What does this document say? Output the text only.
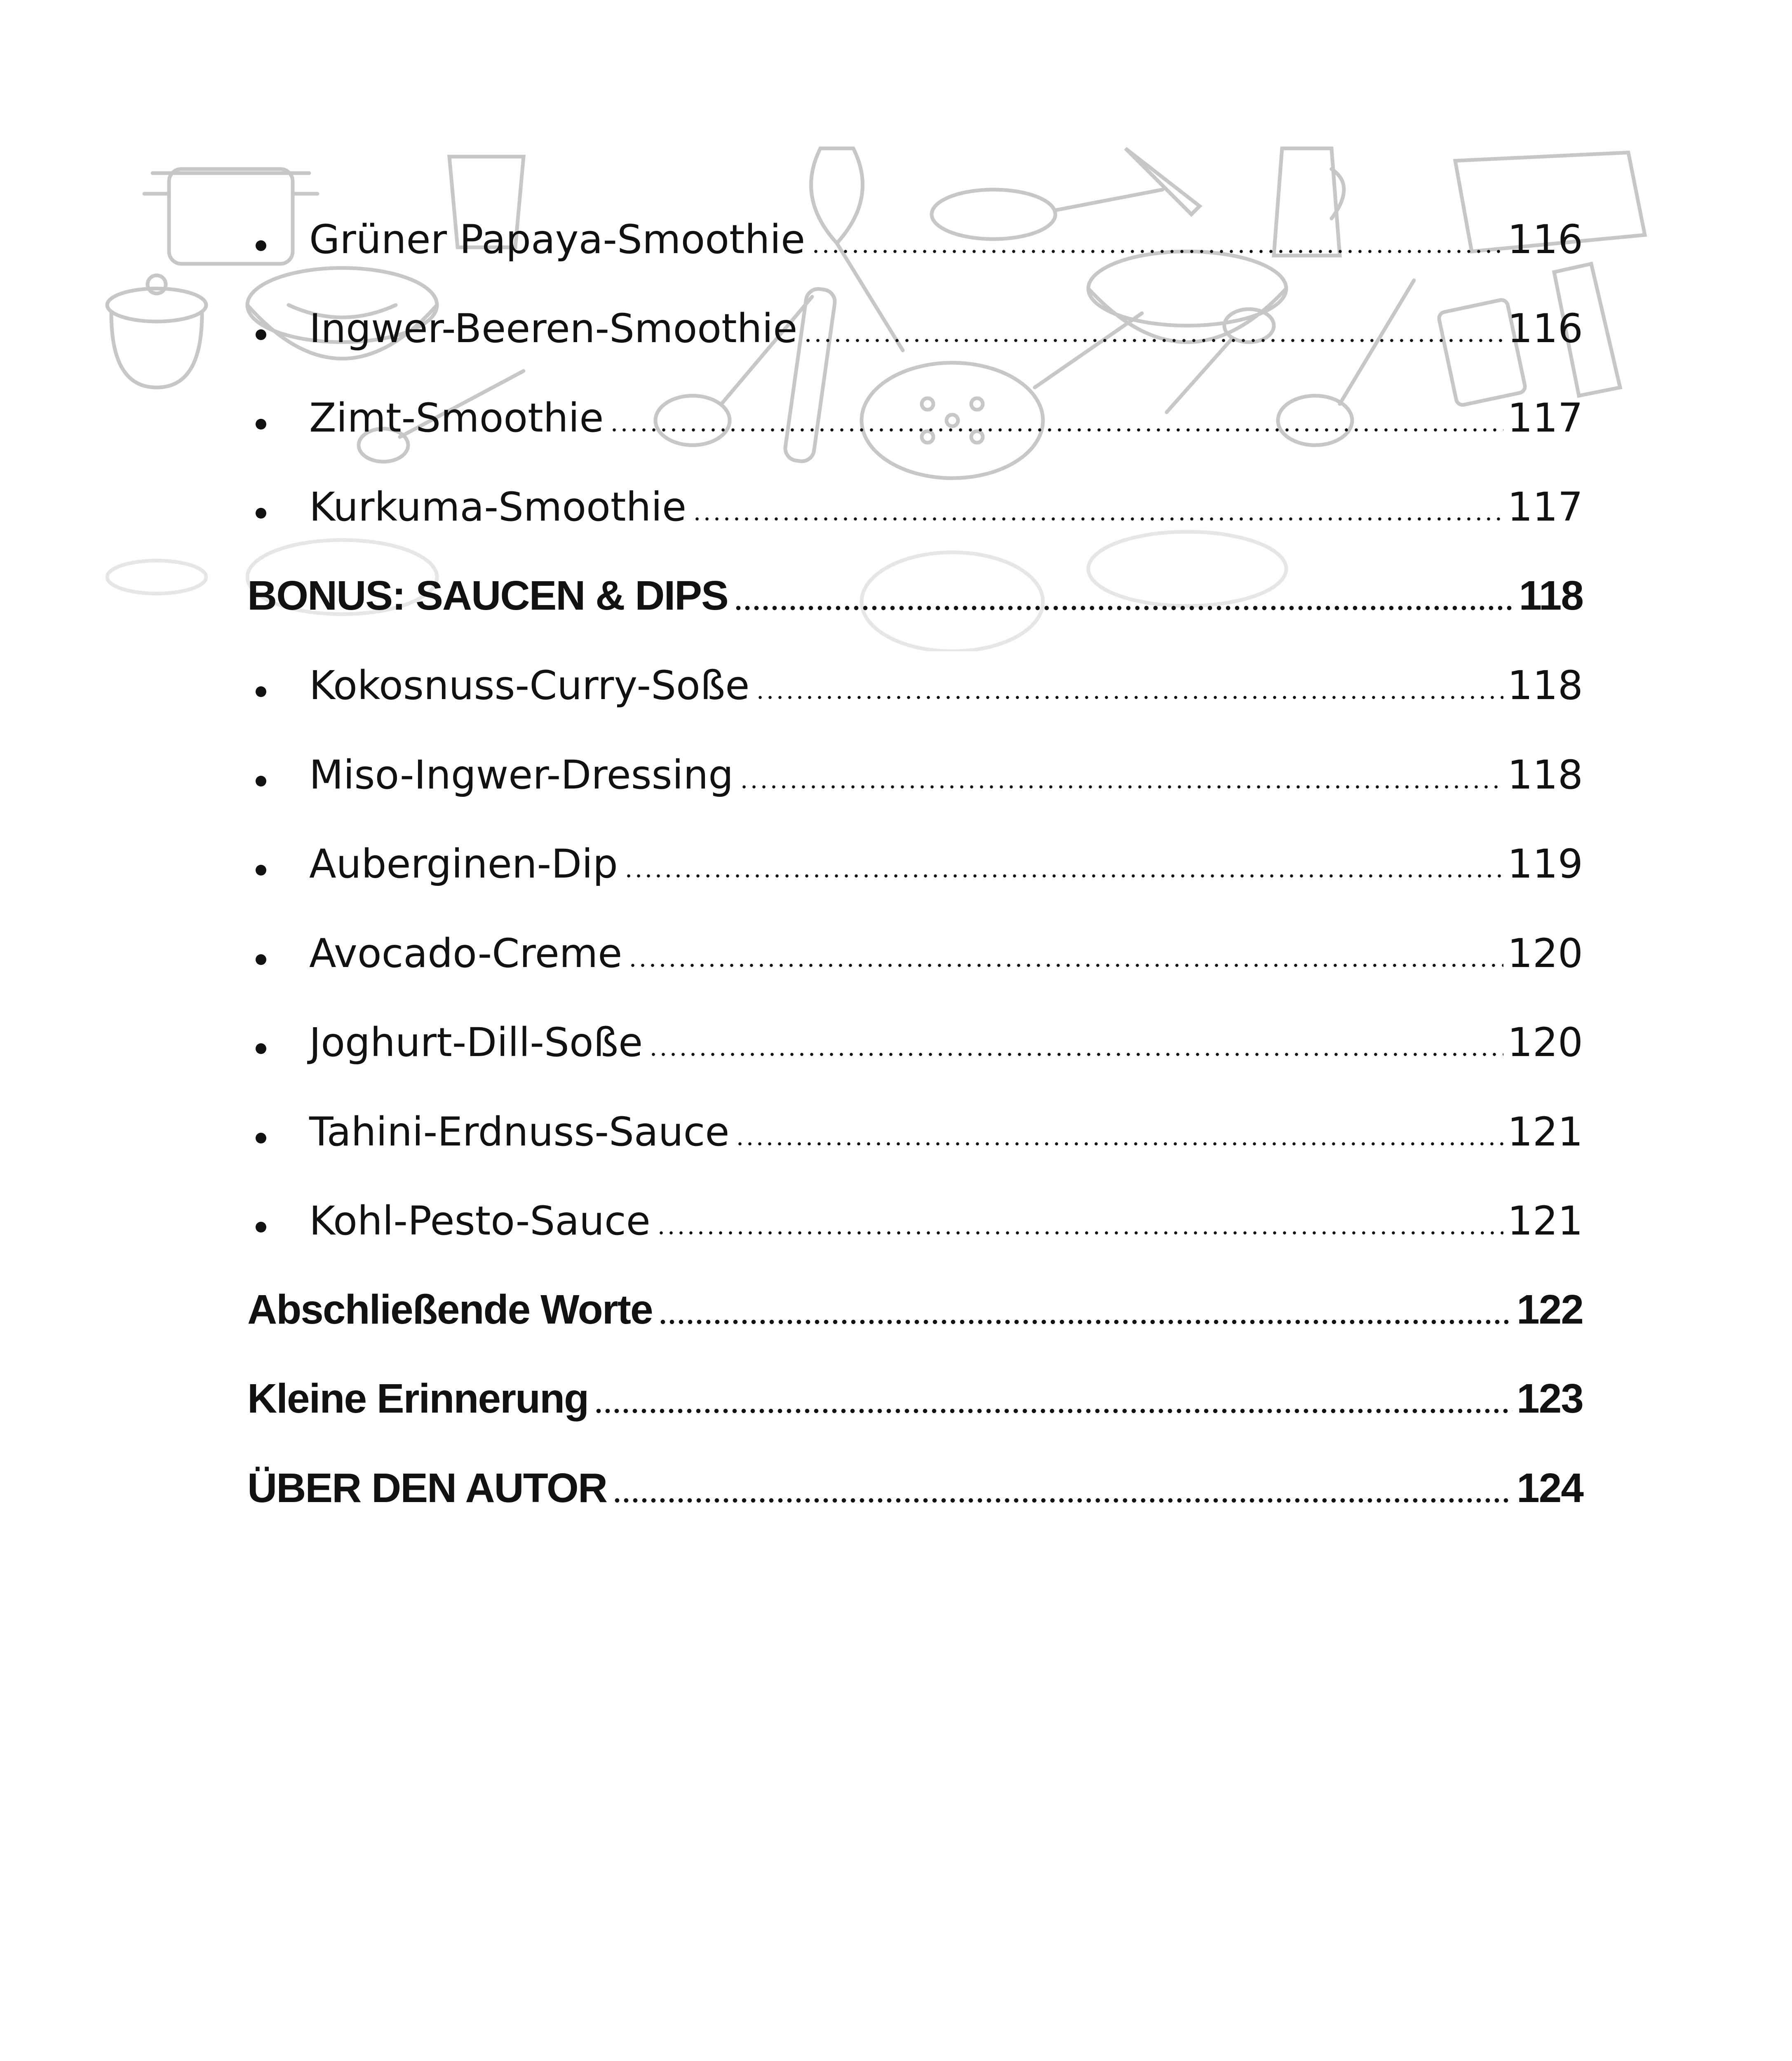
Grüner Papaya-Smoothie	116
Ingwer-Beeren-Smoothie	116
Zimt-Smoothie	117
Kurkuma-Smoothie	117
BONUS: SAUCEN & DIPS	118
Kokosnuss-Curry-Soße	118
Miso-Ingwer-Dressing	118
Auberginen-Dip	119
Avocado-Creme	120
Joghurt-Dill-Soße	120
Tahini-Erdnuss-Sauce	121
Kohl-Pesto-Sauce	121
Abschließende Worte	122
Kleine Erinnerung	123
ÜBER DEN AUTOR	124
